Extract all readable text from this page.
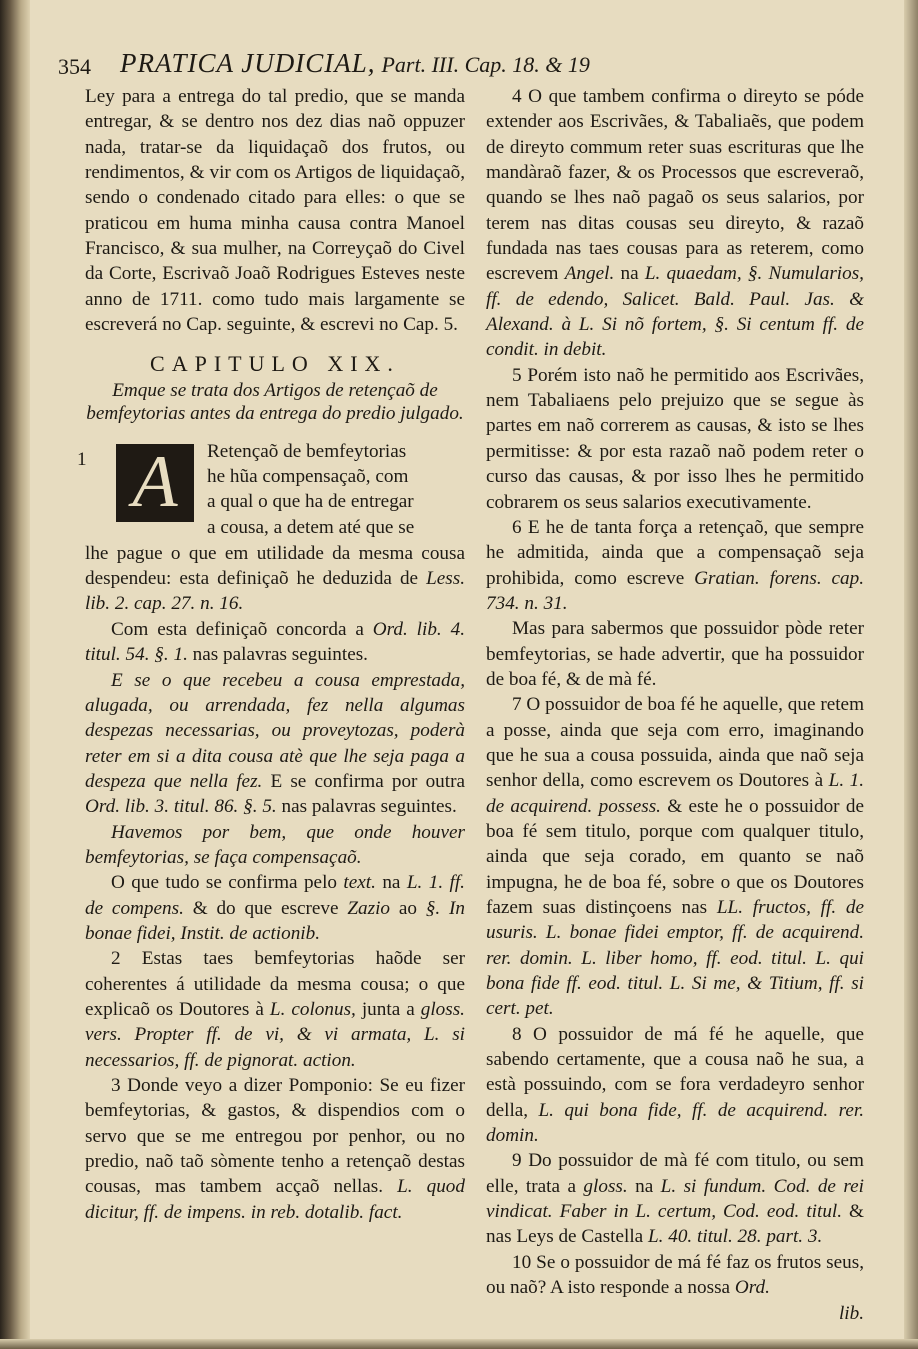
354 PRATICA JUDICIAL, Part. III. Cap. 18. & 19

Ley para a entrega do tal predio, que se manda entregar, & se dentro nos dez dias naõ oppuzer nada, tratar-se da liquidaçaõ dos frutos, ou rendimentos, & vir com os Artigos de liquidaçaõ, sendo o condenado citado para elles: o que se praticou em huma minha causa contra Manoel Francisco, & sua mulher, na Correyçaõ do Civel da Corte, Escrivaõ Joaõ Rodrigues Esteves neste anno de 1711. como tudo mais largamente se escreverá no Cap. seguinte, & escrevi no Cap. 5.

CAPITULO XIX.

Emque se trata dos Artigos de retençaõ de bemfeytorias antes da entrega do predio julgado.

1 A	Retençaõ de bemfeytorias
he hũa compensaçaõ, com
a qual o que ha de entregar
a cousa, a detem até que se

lhe pague o que em utilidade da mesma cousa despendeu: esta definiçaõ he deduzida de Less. lib. 2. cap. 27. n. 16.

Com esta definiçaõ concorda a Ord. lib. 4. titul. 54. §. 1. nas palavras seguintes.

E se o que recebeu a cousa emprestada, alugada, ou arrendada, fez nella algumas despezas necessarias, ou proveytozas, poderà reter em si a dita cousa atè que lhe seja paga a despeza que nella fez. E se confirma por outra Ord. lib. 3. titul. 86. §. 5. nas palavras seguintes.

Havemos por bem, que onde houver bemfeytorias, se faça compensaçaõ.

O que tudo se confirma pelo text. na L. 1. ff. de compens. & do que escreve Zazio ao §. In bonae fidei, Instit. de actionib.

2 Estas taes bemfeytorias haõde ser coherentes á utilidade da mesma cousa; o que explicaõ os Doutores à L. colonus, junta a gloss. vers. Propter ff. de vi, & vi armata, L. si necessarios, ff. de pignorat. action.

3 Donde veyo a dizer Pomponio: Se eu fizer bemfeytorias, & gastos, & dispendios com o servo que se me entregou por penhor, ou no predio, naõ taõ sòmente tenho a retençaõ destas cousas, mas tambem acçaõ nellas. L. quod dicitur, ff. de impens. in reb. dotalib. fact.

4 O que tambem confirma o direyto se póde extender aos Escrivães, & Tabaliaẽs, que podem de direyto commum reter suas escrituras que lhe mandàraõ fazer, & os Processos que escreveraõ, quando se lhes naõ pagaõ os seus salarios, por terem nas ditas cousas seu direyto, & razaõ fundada nas taes cousas para as reterem, como escrevem Angel. na L. quaedam, §. Numularios, ff. de edendo, Salicet. Bald. Paul. Jas. & Alexand. à L. Si nõ fortem, §. Si centum ff. de condit. in debit.

5 Porém isto naõ he permitido aos Escrivães, nem Tabaliaens pelo prejuizo que se segue às partes em naõ correrem as causas, & isto se lhes permitisse: & por esta razaõ naõ podem reter o curso das causas, & por isso lhes he permitido cobrarem os seus salarios executivamente.

6 E he de tanta força a retençaõ, que sempre he admitida, ainda que a compensaçaõ seja prohibida, como escreve Gratian. forens. cap. 734. n. 31.

Mas para sabermos que possuidor pòde reter bemfeytorias, se hade advertir, que ha possuidor de boa fé, & de mà fé.

7 O possuidor de boa fé he aquelle, que retem a posse, ainda que seja com erro, imaginando que he sua a cousa possuida, ainda que naõ seja senhor della, como escrevem os Doutores à L. 1. de acquirend. possess. & este he o possuidor de boa fé sem titulo, porque com qualquer titulo, ainda que seja corado, em quanto se naõ impugna, he de boa fé, sobre o que os Doutores fazem suas distinçoens nas LL. fructos, ff. de usuris. L. bonae fidei emptor, ff. de acquirend. rer. domin. L. liber homo, ff. eod. titul. L. qui bona fide ff. eod. titul. L. Si me, & Titium, ff. si cert. pet.

8 O possuidor de má fé he aquelle, que sabendo certamente, que a cousa naõ he sua, a està possuindo, com se fora verdadeyro senhor della, L. qui bona fide, ff. de acquirend. rer. domin.

9 Do possuidor de mà fé com titulo, ou sem elle, trata a gloss. na L. si fundum. Cod. de rei vindicat. Faber in L. certum, Cod. eod. titul. & nas Leys de Castella L. 40. titul. 28. part. 3.

10 Se o possuidor de má fé faz os frutos seus, ou naõ? A isto responde a nossa Ord.

lib.
